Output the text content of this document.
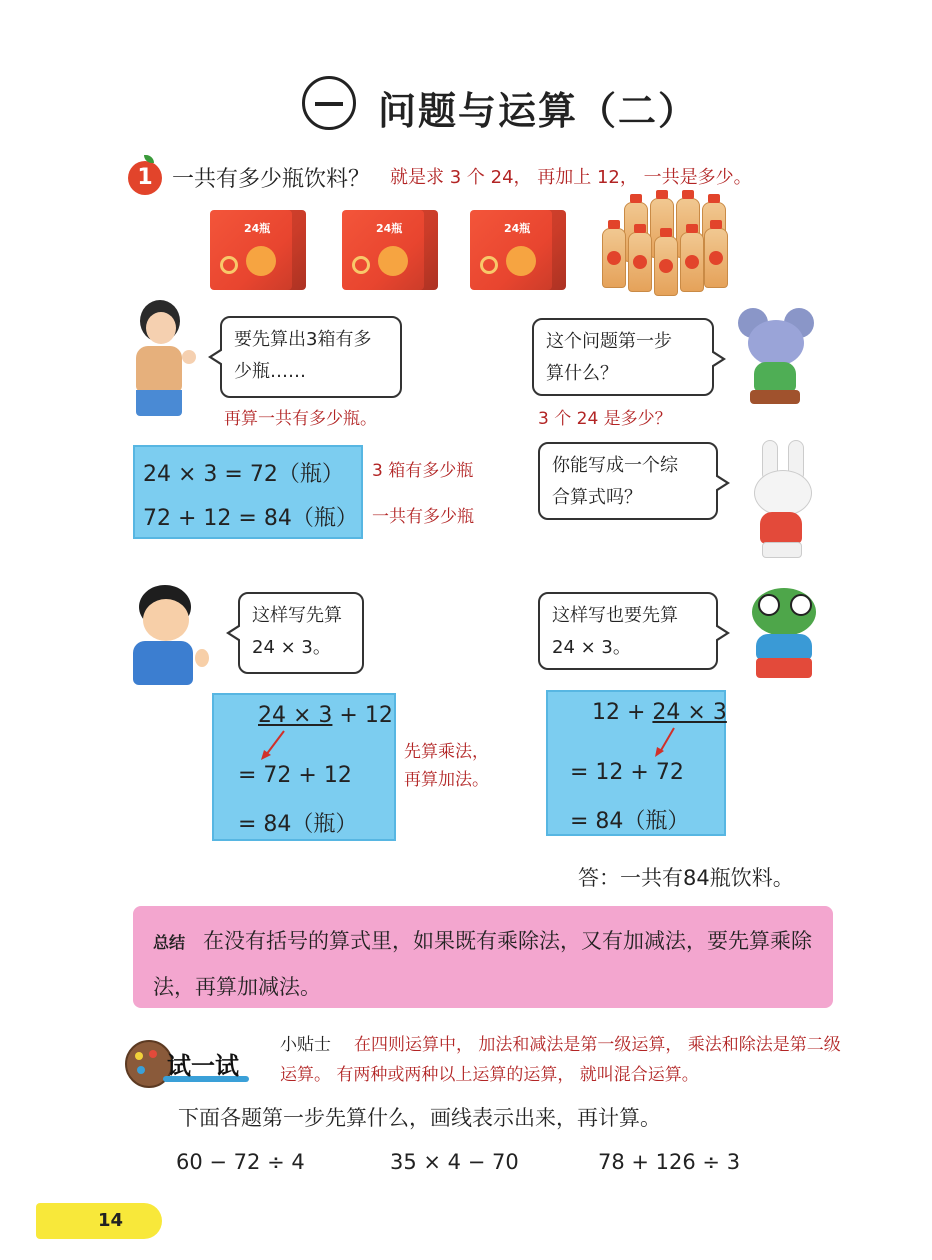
问题与运算（二）
1 一共有多少瓶饮料？ 就是求 3 个 24， 再加上 12， 一共是多少。
24瓶	24瓶	24瓶
要先算出3箱有多
少瓶……
再算一共有多少瓶。
这个问题第一步
算什么？
3 个 24 是多少？
24 × 3 = 72（瓶）
72 + 12 = 84（瓶）
3 箱有多少瓶
一共有多少瓶
你能写成一个综
合算式吗？
这样写先算
24 × 3。
这样写也要先算
24 × 3。
24 × 3 + 12
= 72 + 12
= 84（瓶）
先算乘法，
再算加法。
12 + 24 × 3
= 12 + 72
= 84（瓶）
答：一共有84瓶饮料。
总结 在没有括号的算式里，如果既有乘除法，又有加减法，要先算乘除法，再算加减法。
试一试
在四则运算中， 加法和减法是第一级运算， 乘法和除法是第二级运算。 有两种或两种以上运算的运算， 就叫混合运算。
小贴士
下面各题第一步先算什么，画线表示出来，再计算。
60 − 72 ÷ 4	35 × 4 − 70	78 + 126 ÷ 3
14
